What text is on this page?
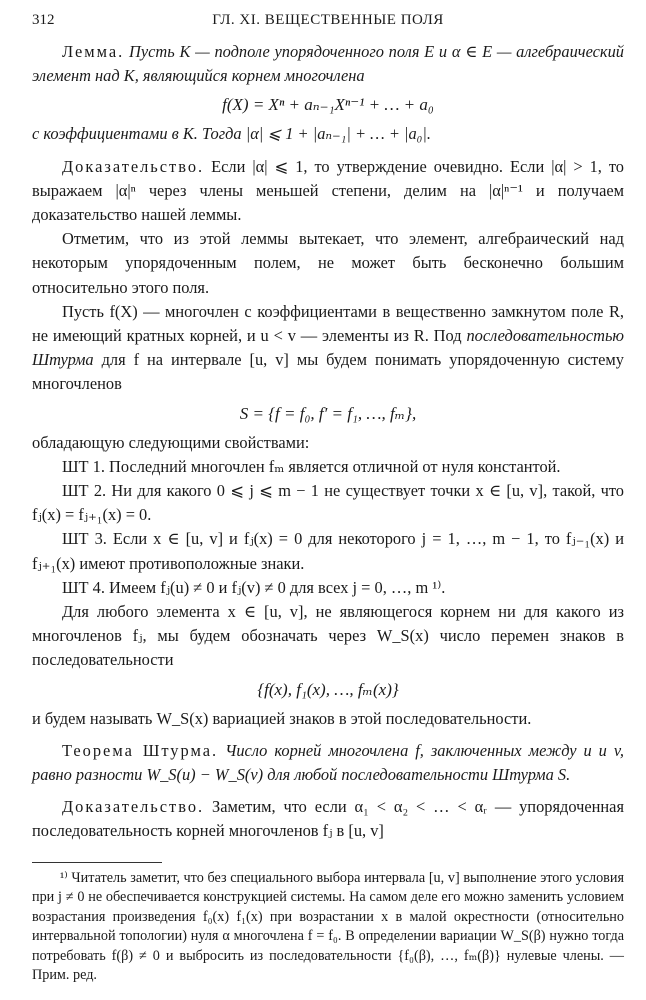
312	ГЛ. XI. ВЕЩЕСТВЕННЫЕ ПОЛЯ

Лемма. Пусть K — подполе упорядоченного поля E и α ∈ E — алгебраический элемент над K, являющийся корнем многочлена

f(X) = Xⁿ + aₙ₋₁Xⁿ⁻¹ + … + a₀

с коэффициентами в K. Тогда |α| ⩽ 1 + |aₙ₋₁| + … + |a₀|.

Доказательство. Если |α| ⩽ 1, то утверждение очевидно. Если |α| > 1, то выражаем |α|ⁿ через члены меньшей степени, делим на |α|ⁿ⁻¹ и получаем доказательство нашей леммы.

Отметим, что из этой леммы вытекает, что элемент, алгебраический над некоторым упорядоченным полем, не может быть бесконечно большим относительно этого поля.

Пусть f(X) — многочлен с коэффициентами в вещественно замкнутом поле R, не имеющий кратных корней, и u < v — элементы из R. Под последовательностью Штурма для f на интервале [u, v] мы будем понимать упорядоченную систему многочленов

S = {f = f₀, f′ = f₁, …, fₘ},

обладающую следующими свойствами:

ШТ 1. Последний многочлен fₘ является отличной от нуля константой.

ШТ 2. Ни для какого 0 ⩽ j ⩽ m − 1 не существует точки x ∈ [u, v], такой, что fⱼ(x) = fⱼ₊₁(x) = 0.

ШТ 3. Если x ∈ [u, v] и fⱼ(x) = 0 для некоторого j = 1, …, m − 1, то fⱼ₋₁(x) и fⱼ₊₁(x) имеют противоположные знаки.

ШТ 4. Имеем fⱼ(u) ≠ 0 и fⱼ(v) ≠ 0 для всех j = 0, …, m ¹⁾.

Для любого элемента x ∈ [u, v], не являющегося корнем ни для какого из многочленов fⱼ, мы будем обозначать через W_S(x) число перемен знаков в последовательности

{f(x), f₁(x), …, fₘ(x)}

и будем называть W_S(x) вариацией знаков в этой последовательности.

Теорема Штурма. Число корней многочлена f, заключенных между u и v, равно разности W_S(u) − W_S(v) для любой последовательности Штурма S.

Доказательство. Заметим, что если α₁ < α₂ < … < αᵣ — упорядоченная последовательность корней многочленов fⱼ в [u, v]

¹⁾ Читатель заметит, что без специального выбора интервала [u, v] выполнение этого условия при j ≠ 0 не обеспечивается конструкцией системы. На самом деле его можно заменить условием возрастания произведения f₀(x) f₁(x) при возрастании x в малой окрестности (относительно интервальной топологии) нуля α многочлена f = f₀. В определении вариации W_S(β) нужно тогда потребовать f(β) ≠ 0 и выбросить из последовательности {f₀(β), …, fₘ(β)} нулевые члены. — Прим. ред.
